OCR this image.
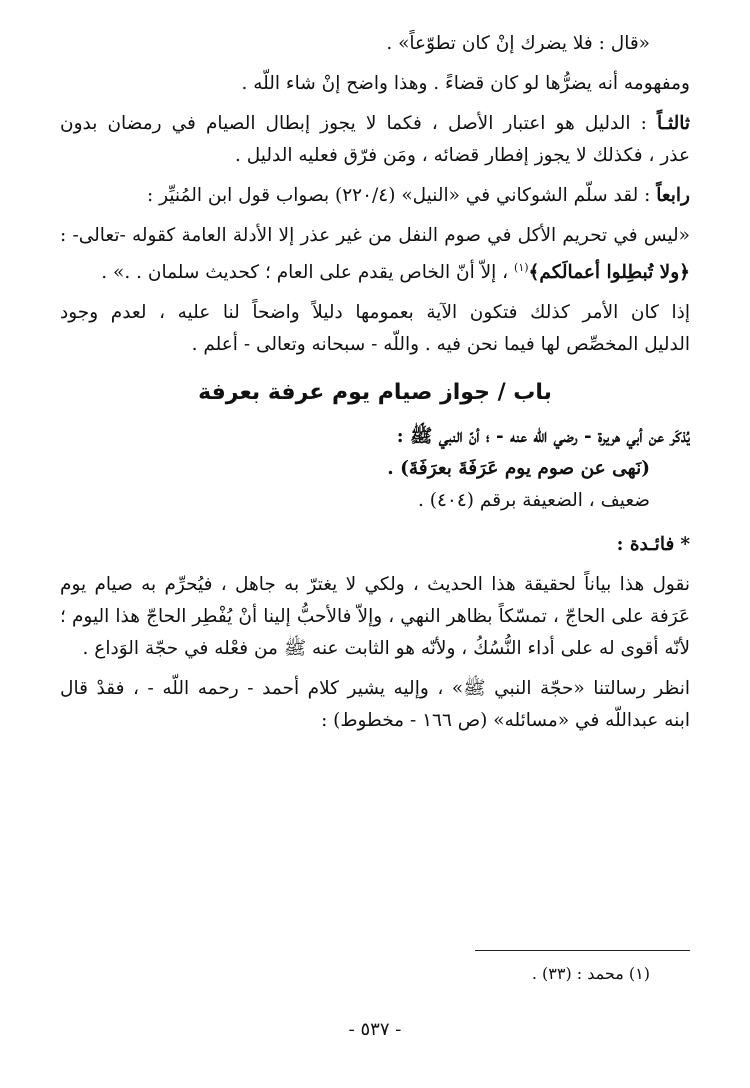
«قال : فلا يضرك إنْ كان تطوّعاً» .
ومفهومه أنه يضرُّها لو كان قضاءً . وهذا واضح إنْ شاء اللّه .
ثالثـاً : الدليل هو اعتبار الأصل ، فكما لا يجوز إبطال الصيام في رمضان بدون
عذر ، فكذلك لا يجوز إفطار قضائه ، ومَن فرّق فعليه الدليل .
رابعاً : لقد سلّم الشوكاني في «النيل» (٢٢٠/٤) بصواب قول ابن المُنيِّر :
«ليس في تحريم الأكل في صوم النفل من غير عذر إلا الأدلة العامة كقوله -تعالى- :
﴿ولا تُبطِلوا أعمالَكم﴾$^{(١)}$ ، إلاّ أنّ الخاص يقدم على العام ؛ كحديث سلمان . .» .
إذا كان الأمر كذلك فتكون الآية بعمومها دليلاً واضحاً لنا عليه ، لعدم وجود
الدليل المخصِّص لها فيما نحن فيه . واللّه - سبحانه وتعالى - أعلم .
باب / جواز صيام يوم عرفة بعرفة
يُذكَر عن أبي هريرة - رضي الله عنه - ؛ أنّ النبي ﷺ :
(نَهى عن صوم يوم عَرَفَةَ بعرَفَةَ) .
ضعيف ، الضعيفة برقم (٤٠٤) .
*فائـدة :
نقول هذا بياناً لحقيقة هذا الحديث ، ولكي لا يغترّ به جاهل ، فيُحرِّم به صيام يوم
عَرَفة على الحاجّ ، تمسّكاً بظاهر النهي ، وإلاّ فالأحبُّ إلينا أنْ يُفْطِر الحاجّ هذا اليوم ؛
لأنّه أقوى له على أداء النُّسُكُ ، ولأنّه هو الثابت عنه ﷺ من فعْله في حجّة الوَداع .
انظر رسالتنا «حجّة النبي ﷺ» ، وإليه يشير كلام أحمد - رحمه اللّه - ، فقدْ قال
ابنه عبداللّه في «مسائله» (ص ١٦٦ - مخطوط) :
(١) محمد : (٣٣) .
- ٥٣٧ -
